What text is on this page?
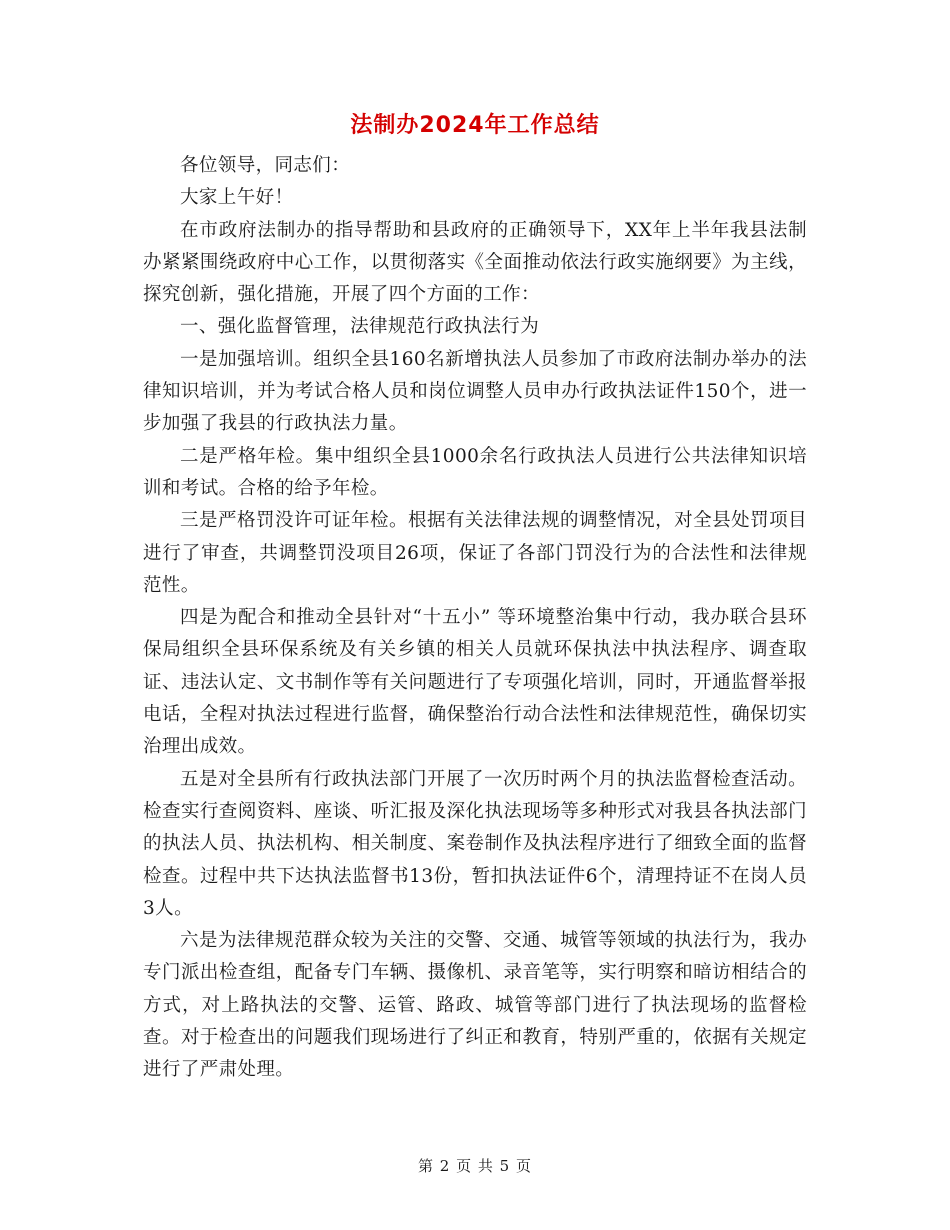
法制办2024年工作总结

各位领导，同志们：

大家上午好！

在市政府法制办的指导帮助和县政府的正确领导下，XX年上半年我县法制办紧紧围绕政府中心工作，以贯彻落实《全面推动依法行政实施纲要》为主线，探究创新，强化措施，开展了四个方面的工作：

一、强化监督管理，法律规范行政执法行为

一是加强培训。组织全县160名新增执法人员参加了市政府法制办举办的法律知识培训，并为考试合格人员和岗位调整人员申办行政执法证件150个，进一步加强了我县的行政执法力量。

二是严格年检。集中组织全县1000余名行政执法人员进行公共法律知识培训和考试。合格的给予年检。

三是严格罚没许可证年检。根据有关法律法规的调整情况，对全县处罚项目进行了审查，共调整罚没项目26项，保证了各部门罚没行为的合法性和法律规范性。

四是为配合和推动全县针对“十五小” 等环境整治集中行动，我办联合县环保局组织全县环保系统及有关乡镇的相关人员就环保执法中执法程序、调查取证、违法认定、文书制作等有关问题进行了专项强化培训，同时，开通监督举报电话，全程对执法过程进行监督，确保整治行动合法性和法律规范性，确保切实治理出成效。

五是对全县所有行政执法部门开展了一次历时两个月的执法监督检查活动。检查实行查阅资料、座谈、听汇报及深化执法现场等多种形式对我县各执法部门的执法人员、执法机构、相关制度、案卷制作及执法程序进行了细致全面的监督检查。过程中共下达执法监督书13份，暂扣执法证件6个，清理持证不在岗人员3人。

六是为法律规范群众较为关注的交警、交通、城管等领域的执法行为，我办专门派出检查组，配备专门车辆、摄像机、录音笔等，实行明察和暗访相结合的方式，对上路执法的交警、运管、路政、城管等部门进行了执法现场的监督检查。对于检查出的问题我们现场进行了纠正和教育，特别严重的，依据有关规定进行了严肃处理。

第 2 页 共 5 页
